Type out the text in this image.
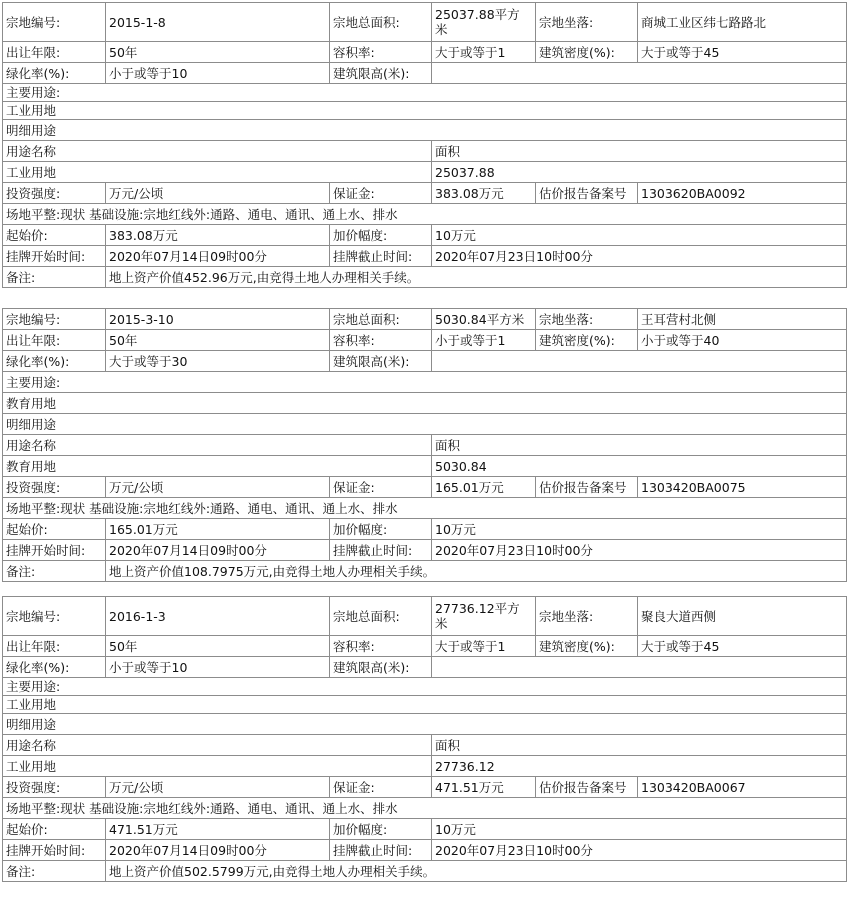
宗地编号:	2015-1-8	宗地总面积:	25037.88平方米	宗地坐落:	商城工业区纬七路路北
出让年限:	50年	容积率:	大于或等于1	建筑密度(%):	大于或等于45
绿化率(%):	小于或等于10	建筑限高(米):			
主要用途:					
工业用地					
明细用途					
用途名称			面积		
工业用地			25037.88		
投资强度:	万元/公顷	保证金:	383.08万元	估价报告备案号	1303620BA0092
场地平整:现状 基础设施:宗地红线外:通路、通电、通讯、通上水、排水					
起始价:	383.08万元	加价幅度:	10万元		
挂牌开始时间:	2020年07月14日09时00分	挂牌截止时间:	2020年07月23日10时00分		
备注:	地上资产价值452.96万元,由竞得土地人办理相关手续。				
宗地编号:	2015-3-10	宗地总面积:	5030.84平方米	宗地坐落:	王耳营村北侧
出让年限:	50年	容积率:	小于或等于1	建筑密度(%):	小于或等于40
绿化率(%):	大于或等于30	建筑限高(米):			
主要用途:					
教育用地					
明细用途					
用途名称			面积		
教育用地			5030.84		
投资强度:	万元/公顷	保证金:	165.01万元	估价报告备案号	1303420BA0075
场地平整:现状 基础设施:宗地红线外:通路、通电、通讯、通上水、排水					
起始价:	165.01万元	加价幅度:	10万元		
挂牌开始时间:	2020年07月14日09时00分	挂牌截止时间:	2020年07月23日10时00分		
备注:	地上资产价值108.7975万元,由竞得土地人办理相关手续。				
宗地编号:	2016-1-3	宗地总面积:	27736.12平方米	宗地坐落:	聚良大道西侧
出让年限:	50年	容积率:	大于或等于1	建筑密度(%):	大于或等于45
绿化率(%):	小于或等于10	建筑限高(米):			
主要用途:					
工业用地					
明细用途					
用途名称			面积		
工业用地			27736.12		
投资强度:	万元/公顷	保证金:	471.51万元	估价报告备案号	1303420BA0067
场地平整:现状 基础设施:宗地红线外:通路、通电、通讯、通上水、排水					
起始价:	471.51万元	加价幅度:	10万元		
挂牌开始时间:	2020年07月14日09时00分	挂牌截止时间:	2020年07月23日10时00分		
备注:	地上资产价值502.5799万元,由竞得土地人办理相关手续。				
